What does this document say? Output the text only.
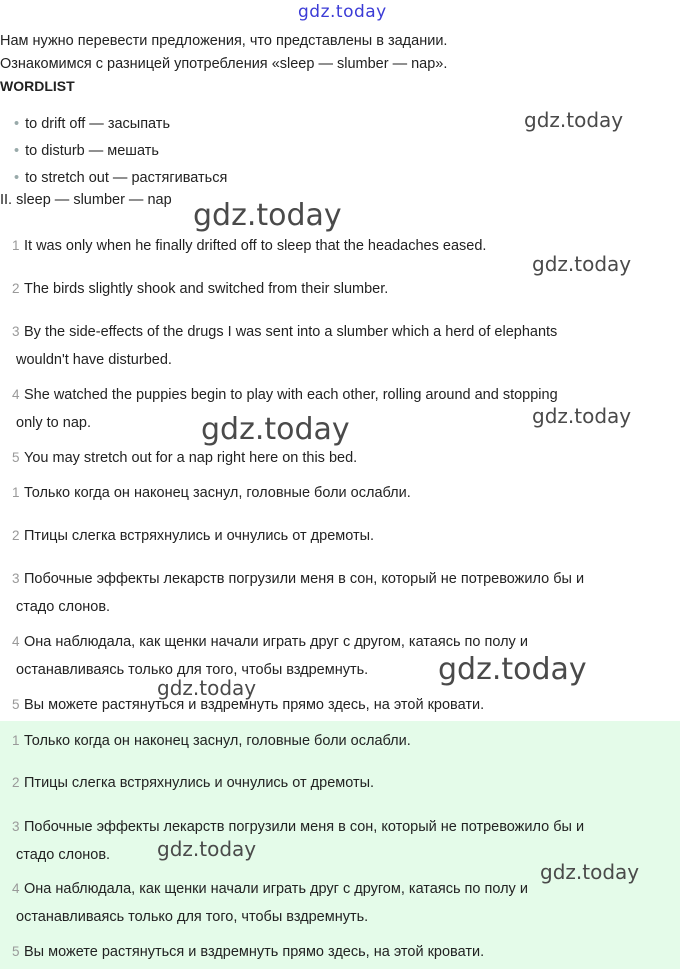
Нам нужно перевести предложения, что представлены в задании.
Ознакомимся с разницей употребления «sleep — slumber — nap».
WORDLIST
• to drift off — засыпать
• to disturb — мешать
• to stretch out — растягиваться
II. sleep — slumber — nap
1 It was only when he finally drifted off to sleep that the headaches eased.
2 The birds slightly shook and switched from their slumber.
3 By the side-effects of the drugs I was sent into a slumber which a herd of elephants
wouldn't have disturbed.
4 She watched the puppies begin to play with each other, rolling around and stopping
only to nap.
5 You may stretch out for a nap right here on this bed.
1 Только когда он наконец заснул, головные боли ослабли.
2 Птицы слегка встряхнулись и очнулись от дремоты.
3 Побочные эффекты лекарств погрузили меня в сон, который не потревожило бы и
стадо слонов.
4 Она наблюдала, как щенки начали играть друг с другом, катаясь по полу и
останавливаясь только для того, чтобы вздремнуть.
5 Вы можете растянуться и вздремнуть прямо здесь, на этой кровати.
1 Только когда он наконец заснул, головные боли ослабли.
2 Птицы слегка встряхнулись и очнулись от дремоты.
3 Побочные эффекты лекарств погрузили меня в сон, который не потревожило бы и
стадо слонов.
4 Она наблюдала, как щенки начали играть друг с другом, катаясь по полу и
останавливаясь только для того, чтобы вздремнуть.
5 Вы можете растянуться и вздремнуть прямо здесь, на этой кровати.
gdz.today
gdz.today
gdz.today
gdz.today
gdz.today
gdz.today
gdz.today
gdz.today
gdz.today
gdz.today
